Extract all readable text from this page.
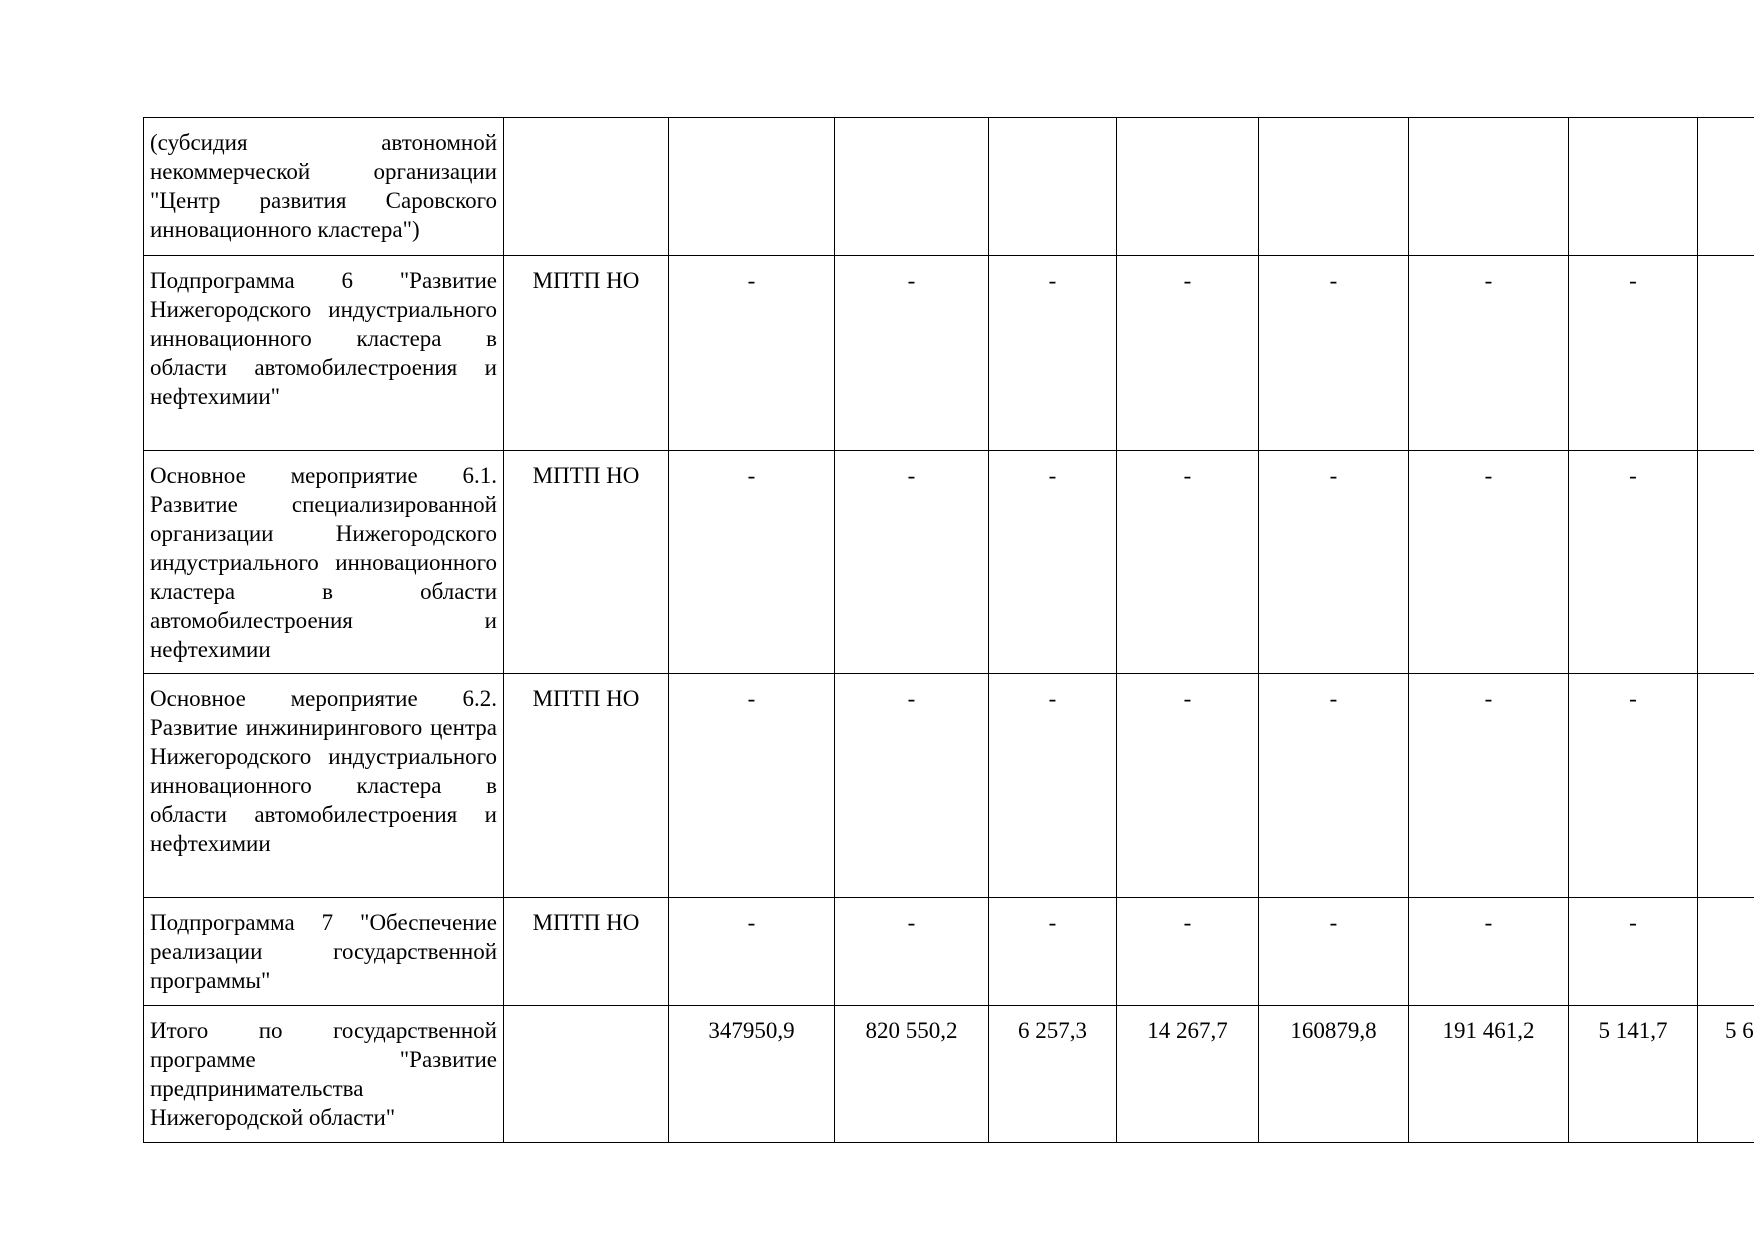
(субсидия автономной некоммерческой организации "Центр развития Саровского инновационного кластера")									

Подпрограмма 6 "Развитие Нижегородского индустриального инновационного кластера в области автомобилестроения и нефтехимии"	МПТП НО	-	-	-	-	-	-	-	

Основное мероприятие 6.1. Развитие специализированной организации Нижегородского индустриального инновационного кластера в области автомобилестроения и нефтехимии	МПТП НО	-	-	-	-	-	-	-	

Основное мероприятие 6.2. Развитие инжинирингового центра Нижегородского индустриального инновационного кластера в области автомобилестроения и нефтехимии	МПТП НО	-	-	-	-	-	-	-	

Подпрограмма 7 "Обеспечение реализации государственной программы"	МПТП НО	-	-	-	-	-	-	-	

Итого по государственной программе "Развитие предпринимательства Нижегородской области"		347950,9	820 550,2	6 257,3	14 267,7	160879,8	191 461,2	5 141,7	5 6
